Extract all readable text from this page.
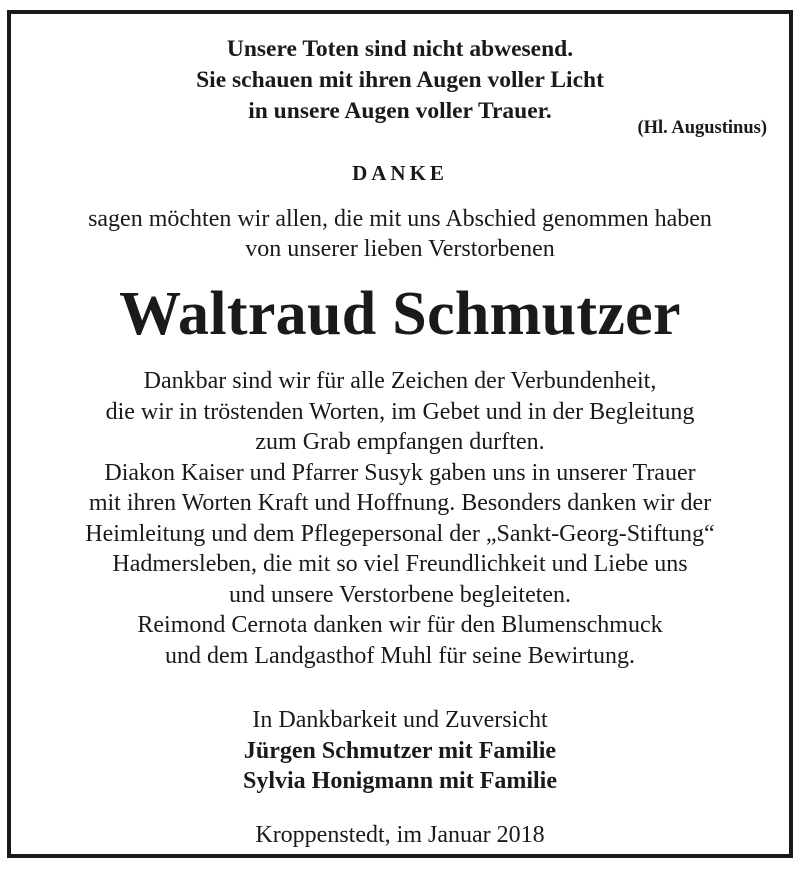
Unsere Toten sind nicht abwesend.
Sie schauen mit ihren Augen voller Licht
in unsere Augen voller Trauer.
(Hl. Augustinus)
DANKE
sagen möchten wir allen, die mit uns Abschied genommen haben
von unserer lieben Verstorbenen
Waltraud Schmutzer
Dankbar sind wir für alle Zeichen der Verbundenheit,
die wir in tröstenden Worten, im Gebet und in der Begleitung
zum Grab empfangen durften.
Diakon Kaiser und Pfarrer Susyk gaben uns in unserer Trauer
mit ihren Worten Kraft und Hoffnung. Besonders danken wir der
Heimleitung und dem Pflegepersonal der „Sankt-Georg-Stiftung“
Hadmersleben, die mit so viel Freundlichkeit und Liebe uns
und unsere Verstorbene begleiteten.
Reimond Cernota danken wir für den Blumenschmuck
und dem Landgasthof Muhl für seine Bewirtung.
In Dankbarkeit und Zuversicht
Jürgen Schmutzer mit Familie
Sylvia Honigmann mit Familie
Kroppenstedt, im Januar 2018
